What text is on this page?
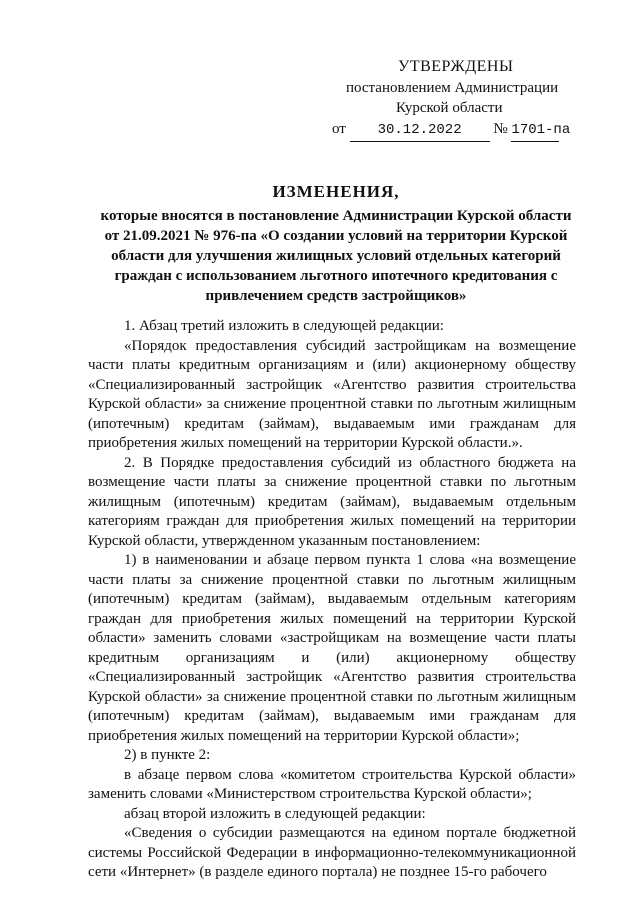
УТВЕРЖДЕНЫ
постановлением Администрации
Курской области
от 30.12.2022 № 1701-па
ИЗМЕНЕНИЯ,
которые вносятся в постановление Администрации Курской области от 21.09.2021 № 976-па «О создании условий на территории Курской области для улучшения жилищных условий отдельных категорий граждан с использованием льготного ипотечного кредитования с привлечением средств застройщиков»

1. Абзац третий изложить в следующей редакции:

«Порядок предоставления субсидий застройщикам на возмещение части платы кредитным организациям и (или) акционерному обществу «Специализированный застройщик «Агентство развития строительства Курской области» за снижение процентной ставки по льготным жилищным (ипотечным) кредитам (займам), выдаваемым ими гражданам для приобретения жилых помещений на территории Курской области.».

2. В Порядке предоставления субсидий из областного бюджета на возмещение части платы за снижение процентной ставки по льготным жилищным (ипотечным) кредитам (займам), выдаваемым отдельным категориям граждан для приобретения жилых помещений на территории Курской области, утвержденном указанным постановлением:

1) в наименовании и абзаце первом пункта 1 слова «на возмещение части платы за снижение процентной ставки по льготным жилищным (ипотечным) кредитам (займам), выдаваемым отдельным категориям граждан для приобретения жилых помещений на территории Курской области» заменить словами «застройщикам на возмещение части платы кредитным организациям и (или) акционерному обществу «Специализированный застройщик «Агентство развития строительства Курской области» за снижение процентной ставки по льготным жилищным (ипотечным) кредитам (займам), выдаваемым ими гражданам для приобретения жилых помещений на территории Курской области»;

2) в пункте 2:

в абзаце первом слова «комитетом строительства Курской области» заменить словами «Министерством строительства Курской области»;

абзац второй изложить в следующей редакции:

«Сведения о субсидии размещаются на едином портале бюджетной системы Российской Федерации в информационно-телекоммуникационной сети «Интернет» (в разделе единого портала) не позднее 15-го рабочего
